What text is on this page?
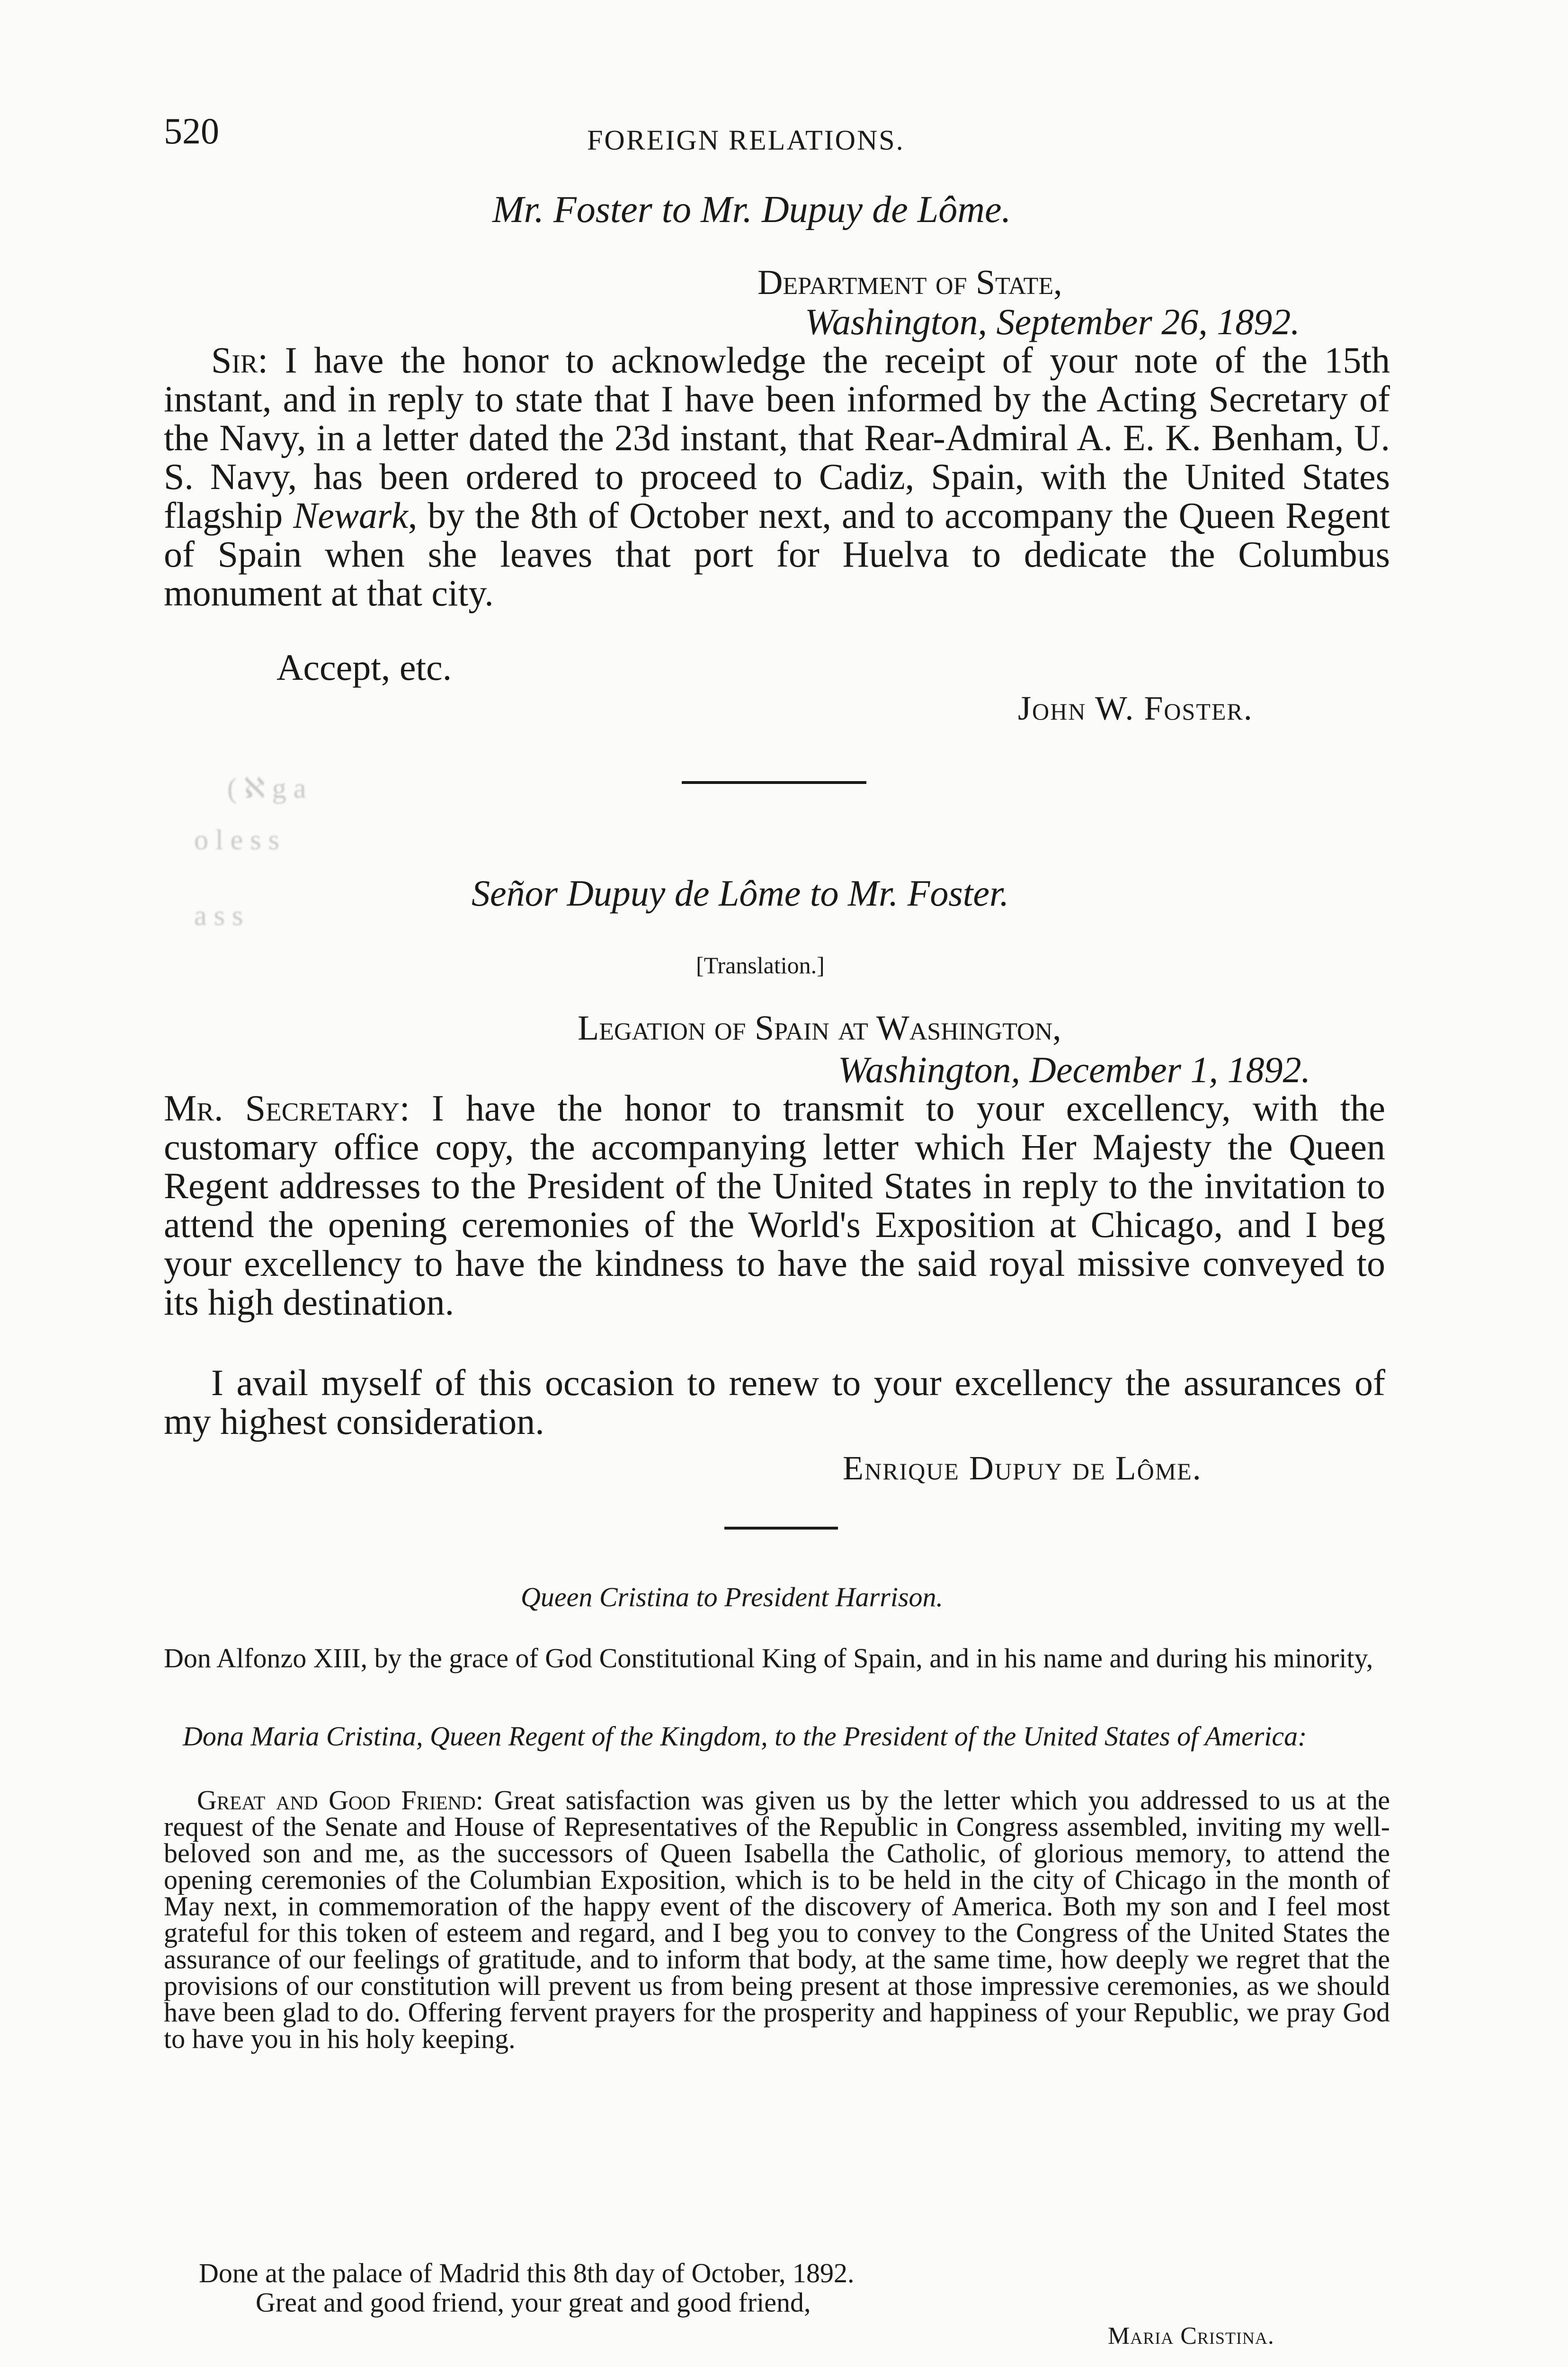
( ℵ g a
o l e s s
a s s
520	FOREIGN RELATIONS.
Mr. Foster to Mr. Dupuy de Lôme.
Department of State,
Washington, September 26, 1892.
Sir: I have the honor to acknowledge the receipt of your note of the 15th instant, and in reply to state that I have been informed by the Acting Secretary of the Navy, in a letter dated the 23d instant, that Rear-Admiral A. E. K. Benham, U. S. Navy, has been ordered to proceed to Cadiz, Spain, with the United States flagship Newark, by the 8th of October next, and to accompany the Queen Regent of Spain when she leaves that port for Huelva to dedicate the Columbus monument at that city.
Accept, etc.
John W. Foster.
Señor Dupuy de Lôme to Mr. Foster.
[Translation.]
Legation of Spain at Washington,
Washington, December 1, 1892.
Mr. Secretary: I have the honor to transmit to your excellency, with the customary office copy, the accompanying letter which Her Majesty the Queen Regent addresses to the President of the United States in reply to the invitation to attend the opening ceremonies of the World's Exposition at Chicago, and I beg your excellency to have the kindness to have the said royal missive conveyed to its high destination.
I avail myself of this occasion to renew to your excellency the assurances of my highest consideration.
Enrique Dupuy de Lôme.
Queen Cristina to President Harrison.
Don Alfonzo XIII, by the grace of God Constitutional King of Spain, and in his name and during his minority,
Dona Maria Cristina, Queen Regent of the Kingdom, to the President of the United States of America:
Great and Good Friend: Great satisfaction was given us by the letter which you addressed to us at the request of the Senate and House of Representatives of the Republic in Congress assembled, inviting my well-beloved son and me, as the successors of Queen Isabella the Catholic, of glorious memory, to attend the opening ceremonies of the Columbian Exposition, which is to be held in the city of Chicago in the month of May next, in commemoration of the happy event of the discovery of America. Both my son and I feel most grateful for this token of esteem and regard, and I beg you to convey to the Congress of the United States the assurance of our feelings of gratitude, and to inform that body, at the same time, how deeply we regret that the provisions of our constitution will prevent us from being present at those impressive ceremonies, as we should have been glad to do. Offering fervent prayers for the prosperity and happiness of your Republic, we pray God to have you in his holy keeping.
Done at the palace of Madrid this 8th day of October, 1892.
Great and good friend, your great and good friend,
Maria Cristina.
